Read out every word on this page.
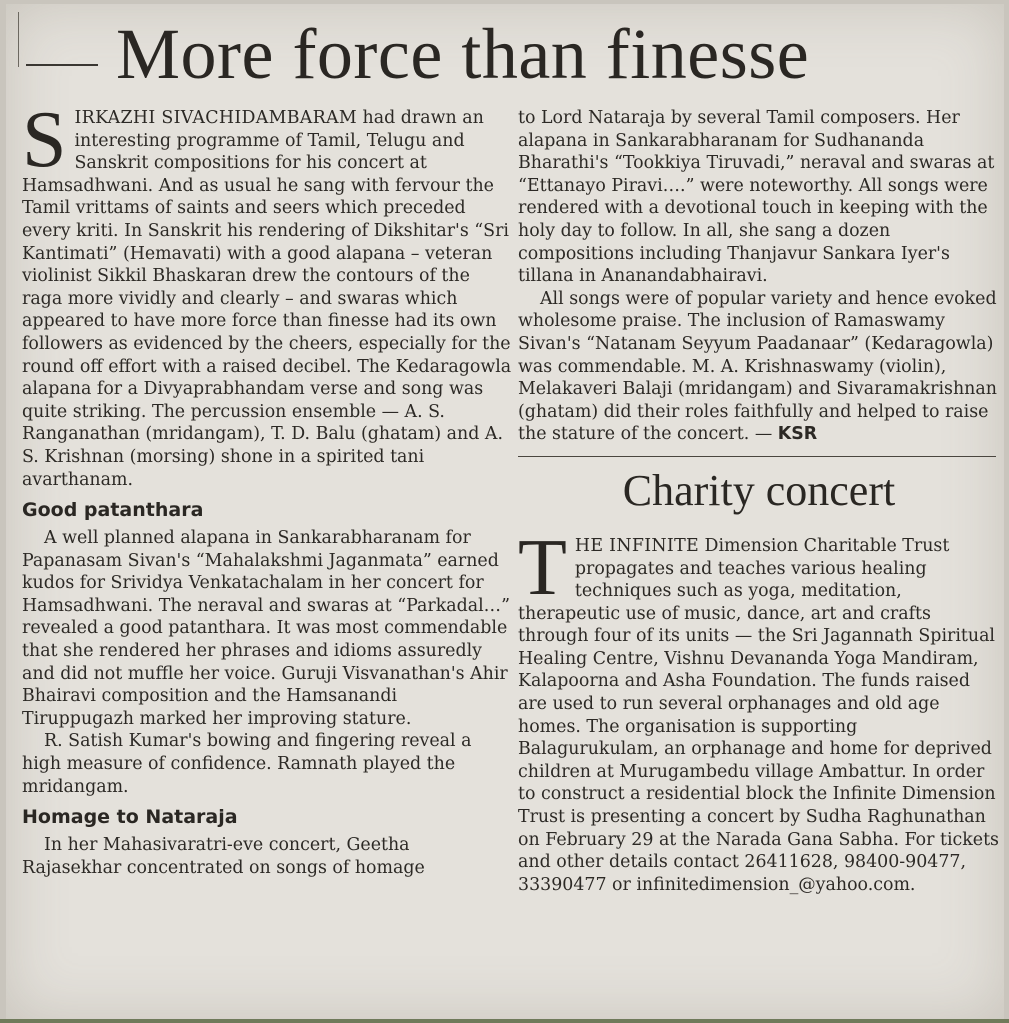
More force than finesse

SIRKAZHI SIVACHIDAMBARAM had drawn an interesting programme of Tamil, Telugu and Sanskrit compositions for his concert at Hamsadhwani. And as usual he sang with fervour the Tamil vrittams of saints and seers which preceded every kriti. In Sanskrit his rendering of Dikshitar's “Sri Kantimati” (Hemavati) with a good alapana – veteran violinist Sikkil Bhaskaran drew the contours of the raga more vividly and clearly – and swaras which appeared to have more force than finesse had its own followers as evidenced by the cheers, especially for the round off effort with a raised decibel. The Kedaragowla alapana for a Divyaprabhandam verse and song was quite striking. The percussion ensemble — A. S. Ranganathan (mridangam), T. D. Balu (ghatam) and A. S. Krishnan (morsing) shone in a spirited tani avarthanam.

Good patanthara

A well planned alapana in Sankarabharanam for Papanasam Sivan's “Mahalakshmi Jaganmata” earned kudos for Srividya Venkatachalam in her concert for Hamsadhwani. The neraval and swaras at “Parkadal…” revealed a good patanthara. It was most commendable that she rendered her phrases and idioms assuredly and did not muffle her voice. Guruji Visvanathan's Ahir Bhairavi composition and the Hamsanandi Tiruppugazh marked her improving stature.

R. Satish Kumar's bowing and fingering reveal a high measure of confidence. Ramnath played the mridangam.

Homage to Nataraja

In her Mahasivaratri-eve concert, Geetha Rajasekhar concentrated on songs of homage

to Lord Nataraja by several Tamil composers. Her alapana in Sankarabharanam for Sudhananda Bharathi's “Tookkiya Tiruvadi,” neraval and swaras at “Ettanayo Piravi….” were noteworthy. All songs were rendered with a devotional touch in keeping with the holy day to follow. In all, she sang a dozen compositions including Thanjavur Sankara Iyer's tillana in Ananandabhairavi.

All songs were of popular variety and hence evoked wholesome praise. The inclusion of Ramaswamy Sivan's “Natanam Seyyum Paadanaar” (Kedaragowla) was commendable. M. A. Krishnaswamy (violin), Melakaveri Balaji (mridangam) and Sivaramakrishnan (ghatam) did their roles faithfully and helped to raise the stature of the concert. — KSR

Charity concert

THE INFINITE Dimension Charitable Trust propagates and teaches various healing techniques such as yoga, meditation, therapeutic use of music, dance, art and crafts through four of its units — the Sri Jagannath Spiritual Healing Centre, Vishnu Devananda Yoga Mandiram, Kalapoorna and Asha Foundation. The funds raised are used to run several orphanages and old age homes. The organisation is supporting Balagurukulam, an orphanage and home for deprived children at Murugambedu village Ambattur. In order to construct a residential block the Infinite Dimension Trust is presenting a concert by Sudha Raghunathan on February 29 at the Narada Gana Sabha. For tickets and other details contact 26411628, 98400-90477, 33390477 or infinitedimension_@yahoo.com.
